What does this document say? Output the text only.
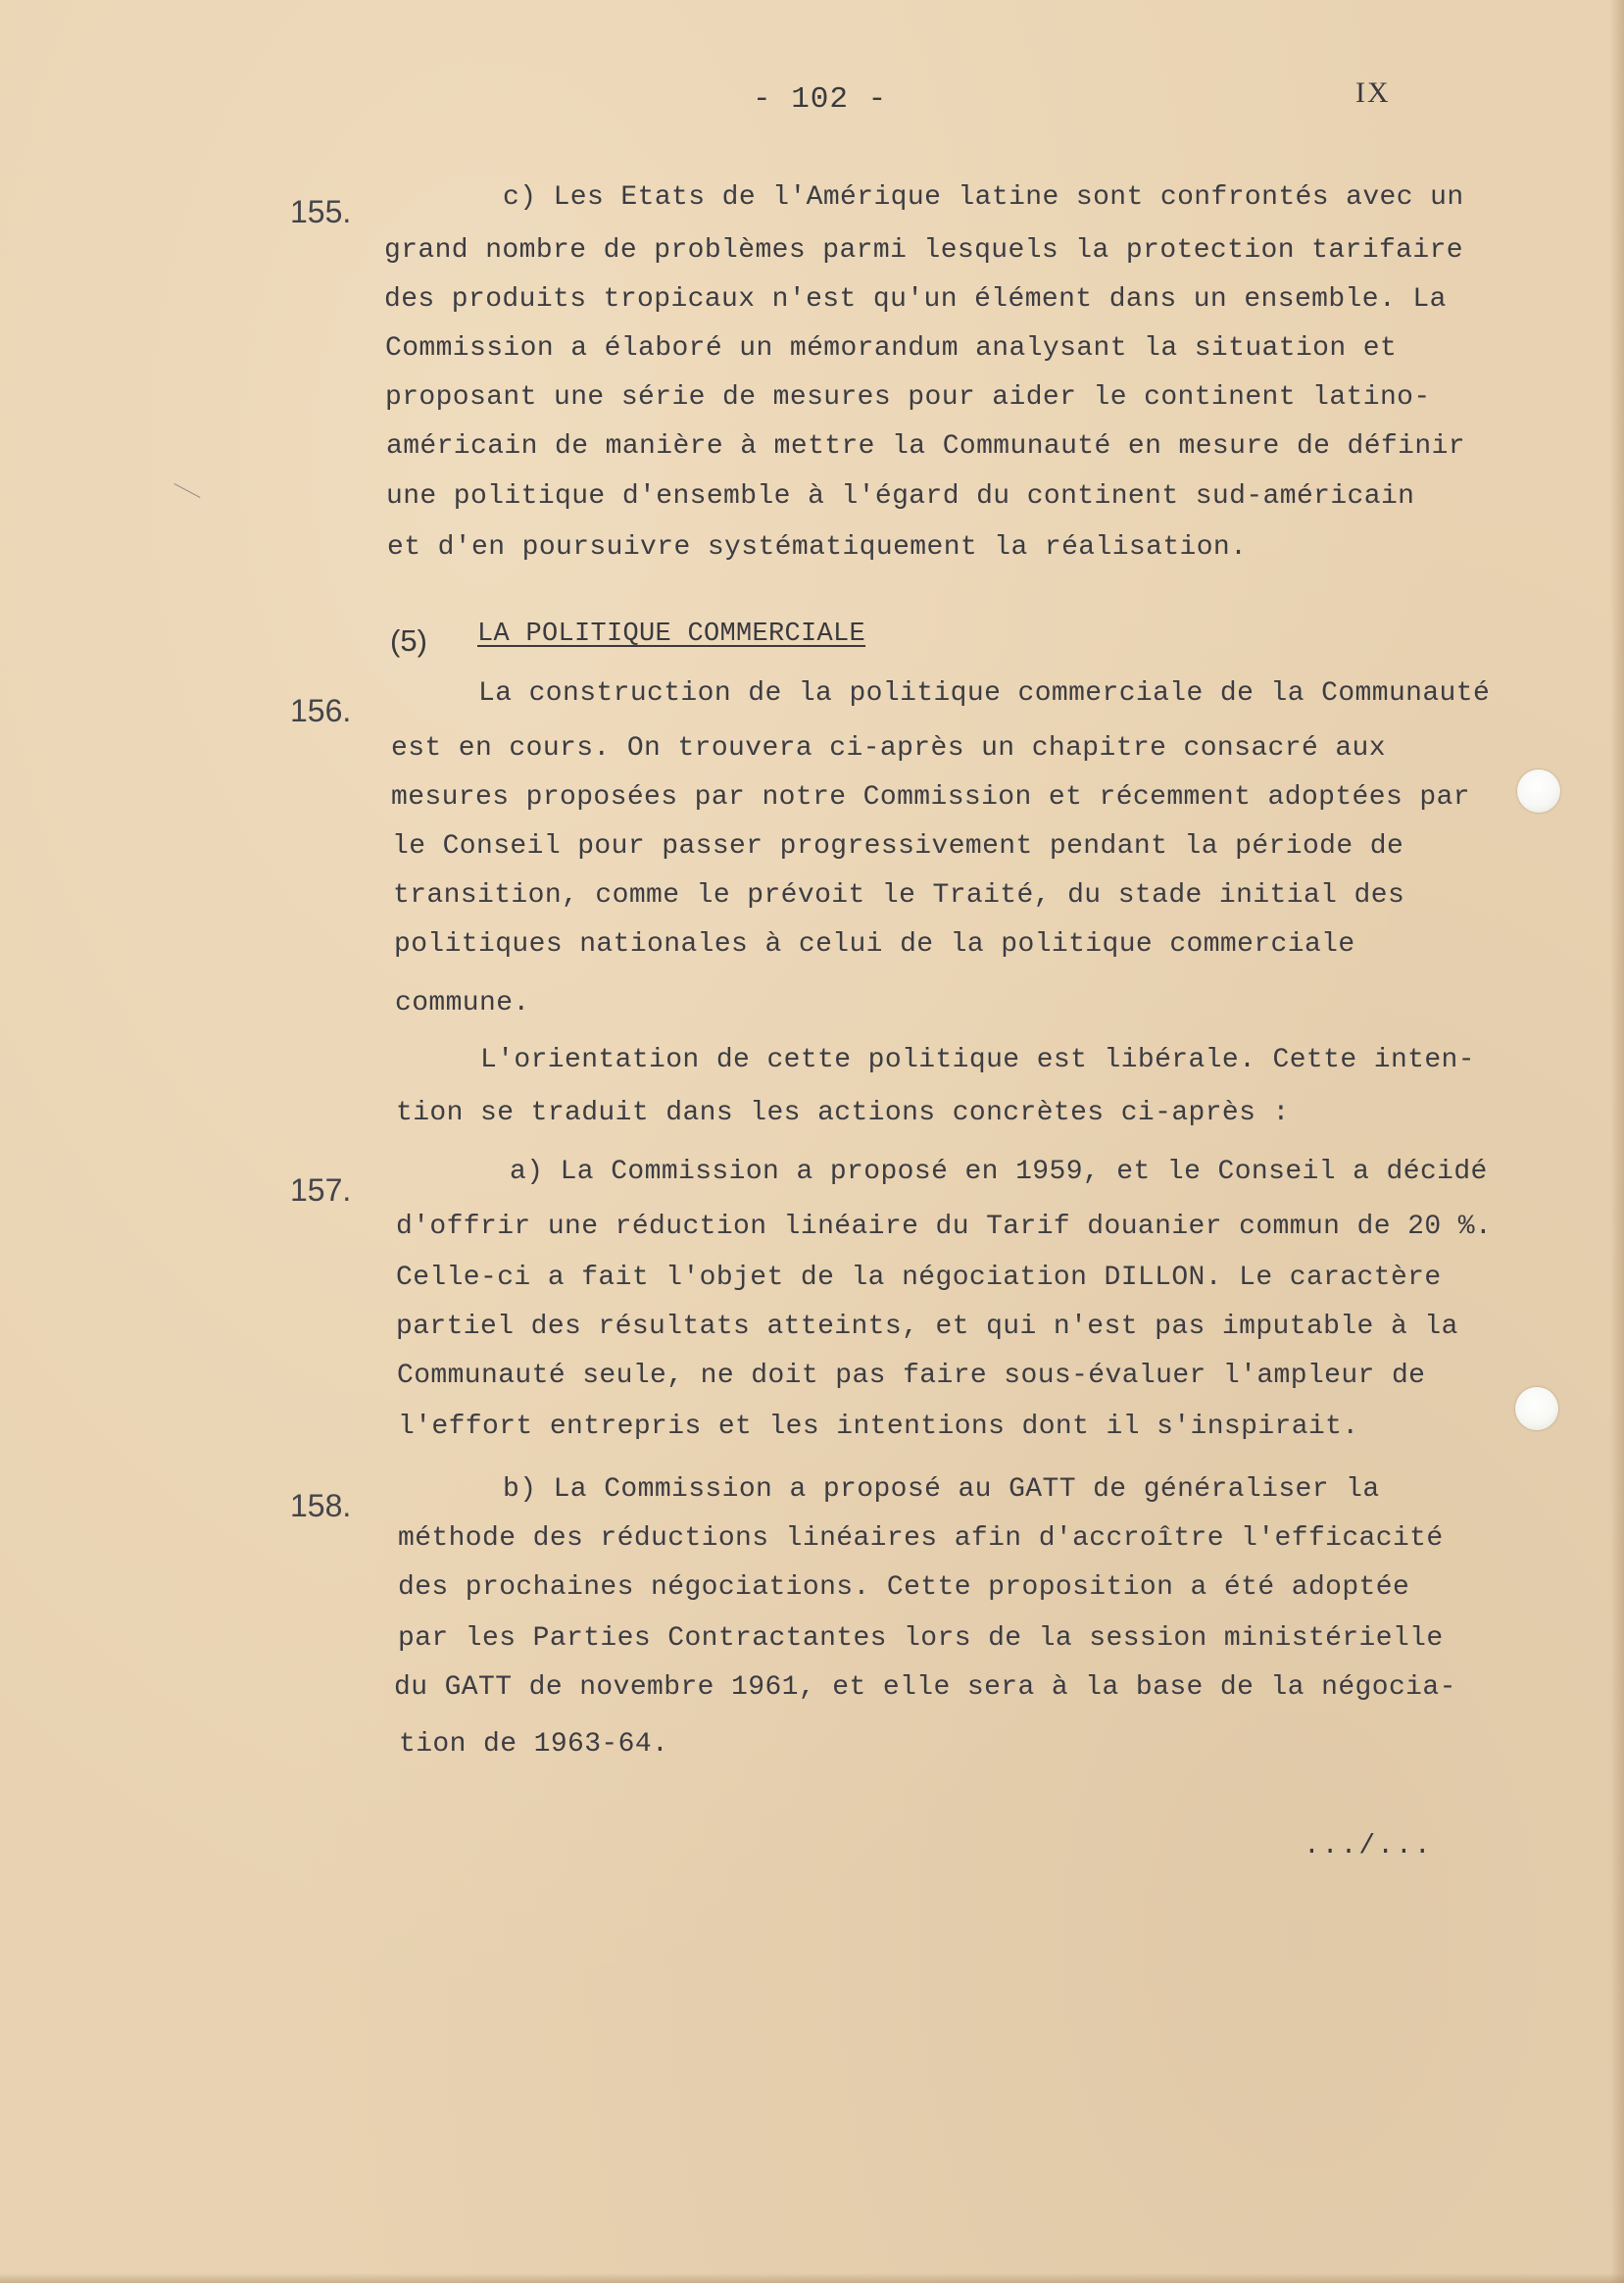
- 102 -	IX
155.	c) Les Etats de l'Amérique latine sont confrontés avec un
grand nombre de problèmes parmi lesquels la protection tarifaire
des produits tropicaux n'est qu'un élément dans un ensemble. La
Commission a élaboré un mémorandum analysant la situation et
proposant une série de mesures pour aider le continent latino-
américain de manière à mettre la Communauté en mesure de définir
une politique d'ensemble à l'égard du continent sud-américain
et d'en poursuivre systématiquement la réalisation.
(5) LA POLITIQUE COMMERCIALE
156.	La construction de la politique commerciale de la Communauté
est en cours. On trouvera ci-après un chapitre consacré aux
mesures proposées par notre Commission et récemment adoptées par
le Conseil pour passer progressivement pendant la période de
transition, comme le prévoit le Traité, du stade initial des
politiques nationales à celui de la politique commerciale
commune.
L'orientation de cette politique est libérale. Cette inten-
tion se traduit dans les actions concrètes ci-après :
157.
a) La Commission a proposé en 1959, et le Conseil a décidé
d'offrir une réduction linéaire du Tarif douanier commun de 20 %.
Celle-ci a fait l'objet de la négociation DILLON. Le caractère
partiel des résultats atteints, et qui n'est pas imputable à la
Communauté seule, ne doit pas faire sous-évaluer l'ampleur de
l'effort entrepris et les intentions dont il s'inspirait.
158.	b) La Commission a proposé au GATT de généraliser la
méthode des réductions linéaires afin d'accroître l'efficacité
des prochaines négociations. Cette proposition a été adoptée
par les Parties Contractantes lors de la session ministérielle
du GATT de novembre 1961, et elle sera à la base de la négocia-
tion de 1963-64.
.../...
